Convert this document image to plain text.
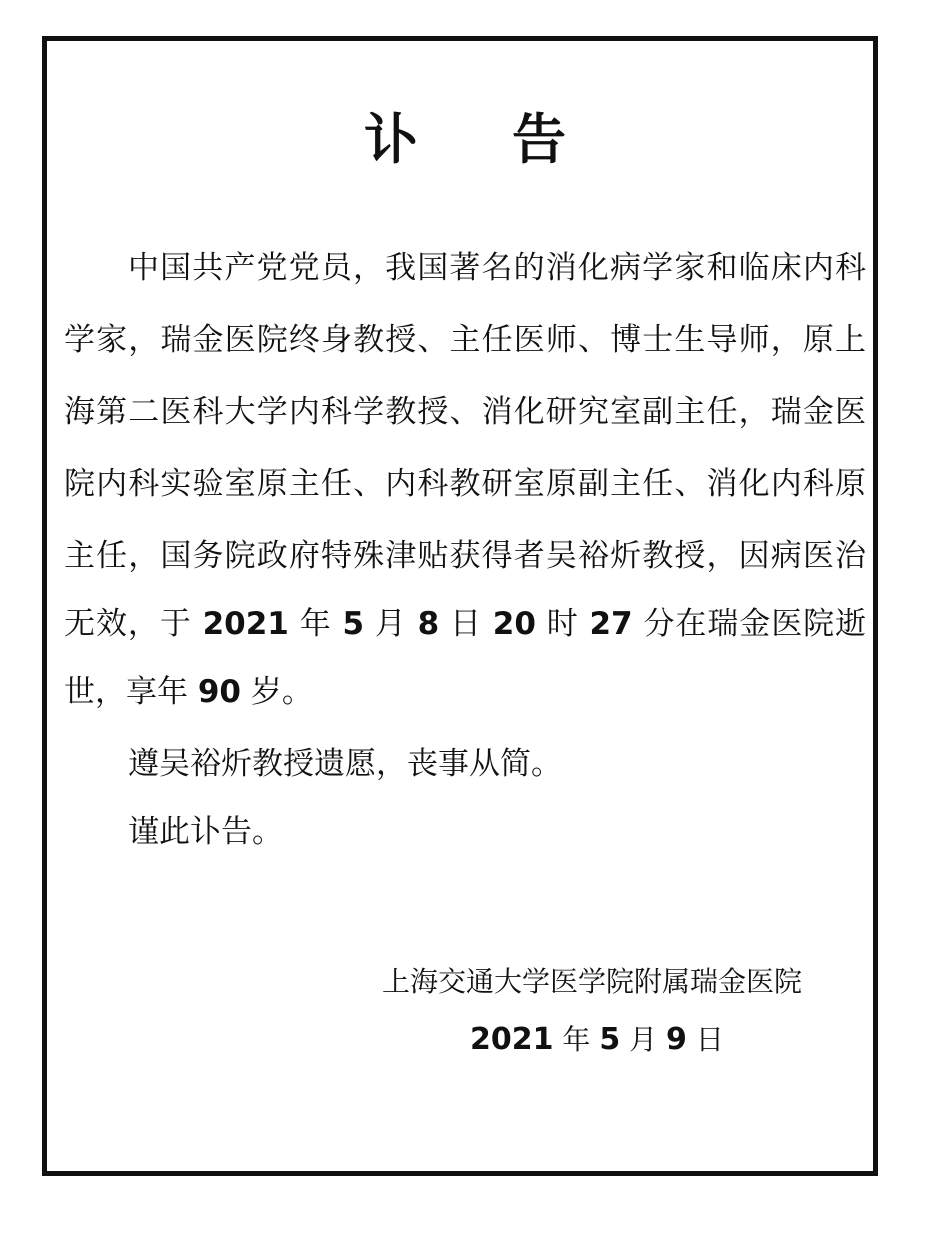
讣告
中国共产党党员，我国著名的消化病学家和临床内科
学家，瑞金医院终身教授、主任医师、博士生导师，原上
海第二医科大学内科学教授、消化研究室副主任，瑞金医
院内科实验室原主任、内科教研室原副主任、消化内科原
主任，国务院政府特殊津贴获得者吴裕炘教授，因病医治
无效，于 2021 年 5 月 8 日 20 时 27 分在瑞金医院逝
世，享年 90 岁。
遵吴裕炘教授遗愿，丧事从简。
谨此讣告。
上海交通大学医学院附属瑞金医院
2021 年 5 月 9 日
